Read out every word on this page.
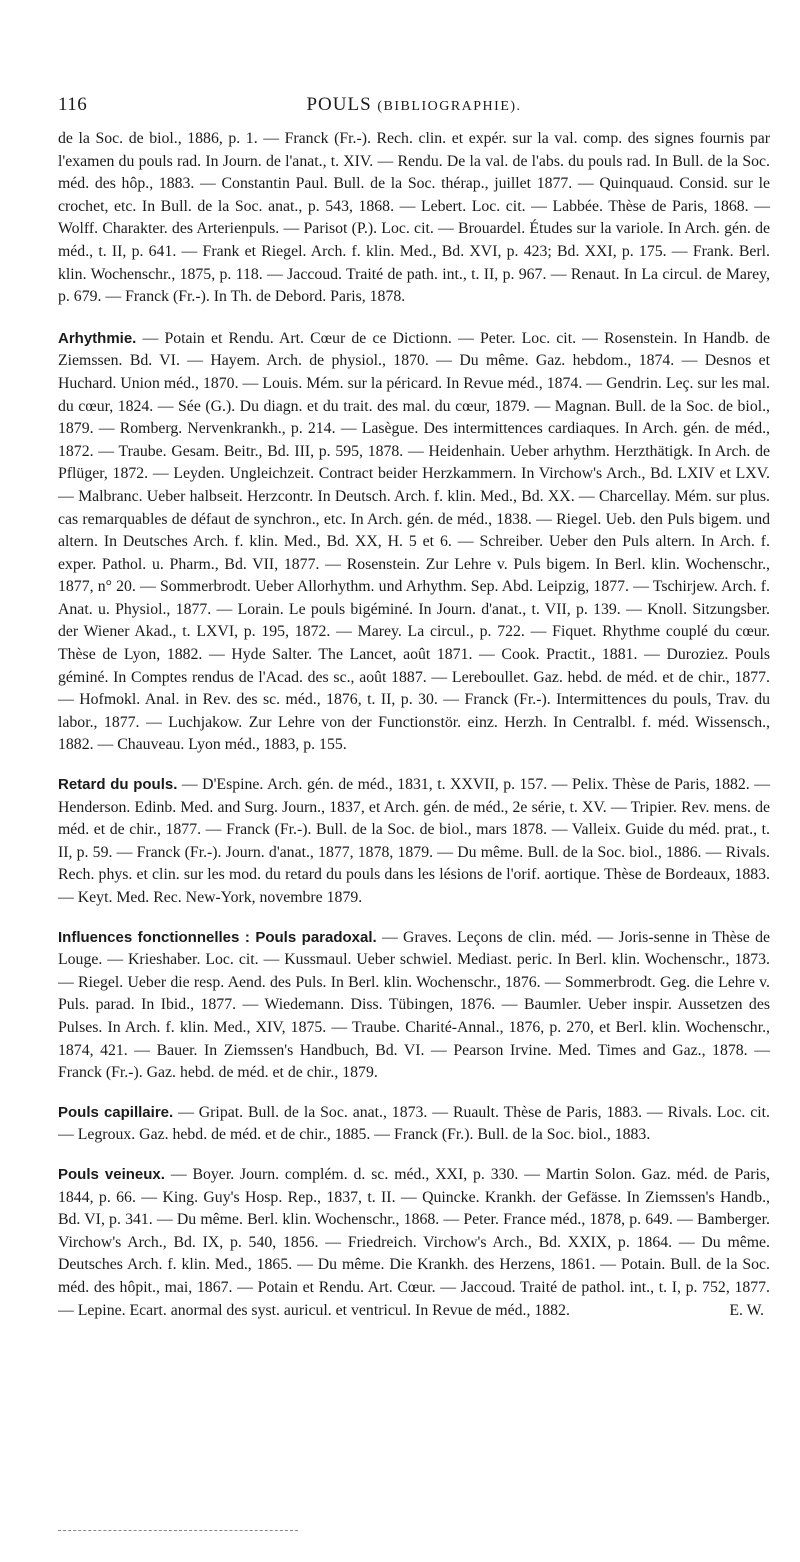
116	POULS (BIBLIOGRAPHIE).

de la Soc. de biol., 1886, p. 1. — Franck (Fr.-). Rech. clin. et expér. sur la val. comp. des signes fournis par l'examen du pouls rad. In Journ. de l'anat., t. XIV. — Rendu. De la val. de l'abs. du pouls rad. In Bull. de la Soc. méd. des hôp., 1883. — Constantin Paul. Bull. de la Soc. thérap., juillet 1877. — Quinquaud. Consid. sur le crochet, etc. In Bull. de la Soc. anat., p. 543, 1868. — Lebert. Loc. cit. — Labbée. Thèse de Paris, 1868. — Wolff. Charakter. des Arterienpuls. — Parisot (P.). Loc. cit. — Brouardel. Études sur la variole. In Arch. gén. de méd., t. II, p. 641. — Frank et Riegel. Arch. f. klin. Med., Bd. XVI, p. 423; Bd. XXI, p. 175. — Frank. Berl. klin. Wochenschr., 1875, p. 118. — Jaccoud. Traité de path. int., t. II, p. 967. — Renaut. In La circul. de Marey, p. 679. — Franck (Fr.-). In Th. de Debord. Paris, 1878.

Arhythmie. — Potain et Rendu. Art. Cœur de ce Dictionn. — Peter. Loc. cit. — Rosenstein. In Handb. de Ziemssen. Bd. VI. — Hayem. Arch. de physiol., 1870. — Du même. Gaz. hebdom., 1874. — Desnos et Huchard. Union méd., 1870. — Louis. Mém. sur la péricard. In Revue méd., 1874. — Gendrin. Leç. sur les mal. du cœur, 1824. — Sée (G.). Du diagn. et du trait. des mal. du cœur, 1879. — Magnan. Bull. de la Soc. de biol., 1879. — Romberg. Nervenkrankh., p. 214. — Lasègue. Des intermittences cardiaques. In Arch. gén. de méd., 1872. — Traube. Gesam. Beitr., Bd. III, p. 595, 1878. — Heidenhain. Ueber arhythm. Herzthätigk. In Arch. de Pflüger, 1872. — Leyden. Ungleichzeit. Contract beider Herzkammern. In Virchow's Arch., Bd. LXIV et LXV. — Malbranc. Ueber halbseit. Herzcontr. In Deutsch. Arch. f. klin. Med., Bd. XX. — Charcellay. Mém. sur plus. cas remarquables de défaut de synchron., etc. In Arch. gén. de méd., 1838. — Riegel. Ueb. den Puls bigem. und altern. In Deutsches Arch. f. klin. Med., Bd. XX, H. 5 et 6. — Schreiber. Ueber den Puls altern. In Arch. f. exper. Pathol. u. Pharm., Bd. VII, 1877. — Rosenstein. Zur Lehre v. Puls bigem. In Berl. klin. Wochenschr., 1877, n° 20. — Sommerbrodt. Ueber Allorhythm. und Arhythm. Sep. Abd. Leipzig, 1877. — Tschirjew. Arch. f. Anat. u. Physiol., 1877. — Lorain. Le pouls bigéminé. In Journ. d'anat., t. VII, p. 139. — Knoll. Sitzungsber. der Wiener Akad., t. LXVI, p. 195, 1872. — Marey. La circul., p. 722. — Fiquet. Rhythme couplé du cœur. Thèse de Lyon, 1882. — Hyde Salter. The Lancet, août 1871. — Cook. Practit., 1881. — Duroziez. Pouls géminé. In Comptes rendus de l'Acad. des sc., août 1887. — Lereboullet. Gaz. hebd. de méd. et de chir., 1877. — Hofmokl. Anal. in Rev. des sc. méd., 1876, t. II, p. 30. — Franck (Fr.-). Intermittences du pouls, Trav. du labor., 1877. — Luchjakow. Zur Lehre von der Functionstör. einz. Herzh. In Centralbl. f. méd. Wissensch., 1882. — Chauveau. Lyon méd., 1883, p. 155.

Retard du pouls. — D'Espine. Arch. gén. de méd., 1831, t. XXVII, p. 157. — Pelix. Thèse de Paris, 1882. — Henderson. Edinb. Med. and Surg. Journ., 1837, et Arch. gén. de méd., 2e série, t. XV. — Tripier. Rev. mens. de méd. et de chir., 1877. — Franck (Fr.-). Bull. de la Soc. de biol., mars 1878. — Valleix. Guide du méd. prat., t. II, p. 59. — Franck (Fr.-). Journ. d'anat., 1877, 1878, 1879. — Du même. Bull. de la Soc. biol., 1886. — Rivals. Rech. phys. et clin. sur les mod. du retard du pouls dans les lésions de l'orif. aortique. Thèse de Bordeaux, 1883. — Keyt. Med. Rec. New-York, novembre 1879.

Influences fonctionnelles : Pouls paradoxal. — Graves. Leçons de clin. méd. — Joris-senne in Thèse de Louge. — Krieshaber. Loc. cit. — Kussmaul. Ueber schwiel. Mediast. peric. In Berl. klin. Wochenschr., 1873. — Riegel. Ueber die resp. Aend. des Puls. In Berl. klin. Wochenschr., 1876. — Sommerbrodt. Geg. die Lehre v. Puls. parad. In Ibid., 1877. — Wiedemann. Diss. Tübingen, 1876. — Baumler. Ueber inspir. Aussetzen des Pulses. In Arch. f. klin. Med., XIV, 1875. — Traube. Charité-Annal., 1876, p. 270, et Berl. klin. Wochenschr., 1874, 421. — Bauer. In Ziemssen's Handbuch, Bd. VI. — Pearson Irvine. Med. Times and Gaz., 1878. — Franck (Fr.-). Gaz. hebd. de méd. et de chir., 1879.

Pouls capillaire. — Gripat. Bull. de la Soc. anat., 1873. — Ruault. Thèse de Paris, 1883. — Rivals. Loc. cit. — Legroux. Gaz. hebd. de méd. et de chir., 1885. — Franck (Fr.). Bull. de la Soc. biol., 1883.

Pouls veineux. — Boyer. Journ. complém. d. sc. méd., XXI, p. 330. — Martin Solon. Gaz. méd. de Paris, 1844, p. 66. — King. Guy's Hosp. Rep., 1837, t. II. — Quincke. Krankh. der Gefässe. In Ziemssen's Handb., Bd. VI, p. 341. — Du même. Berl. klin. Wochenschr., 1868. — Peter. France méd., 1878, p. 649. — Bamberger. Virchow's Arch., Bd. IX, p. 540, 1856. — Friedreich. Virchow's Arch., Bd. XXIX, p. 1864. — Du même. Deutsches Arch. f. klin. Med., 1865. — Du même. Die Krankh. des Herzens, 1861. — Potain. Bull. de la Soc. méd. des hôpit., mai, 1867. — Potain et Rendu. Art. Cœur. — Jaccoud. Traité de pathol. int., t. I, p. 752, 1877. — Lepine. Ecart. anormal des syst. auricul. et ventricul. In Revue de méd., 1882.	E. W.
